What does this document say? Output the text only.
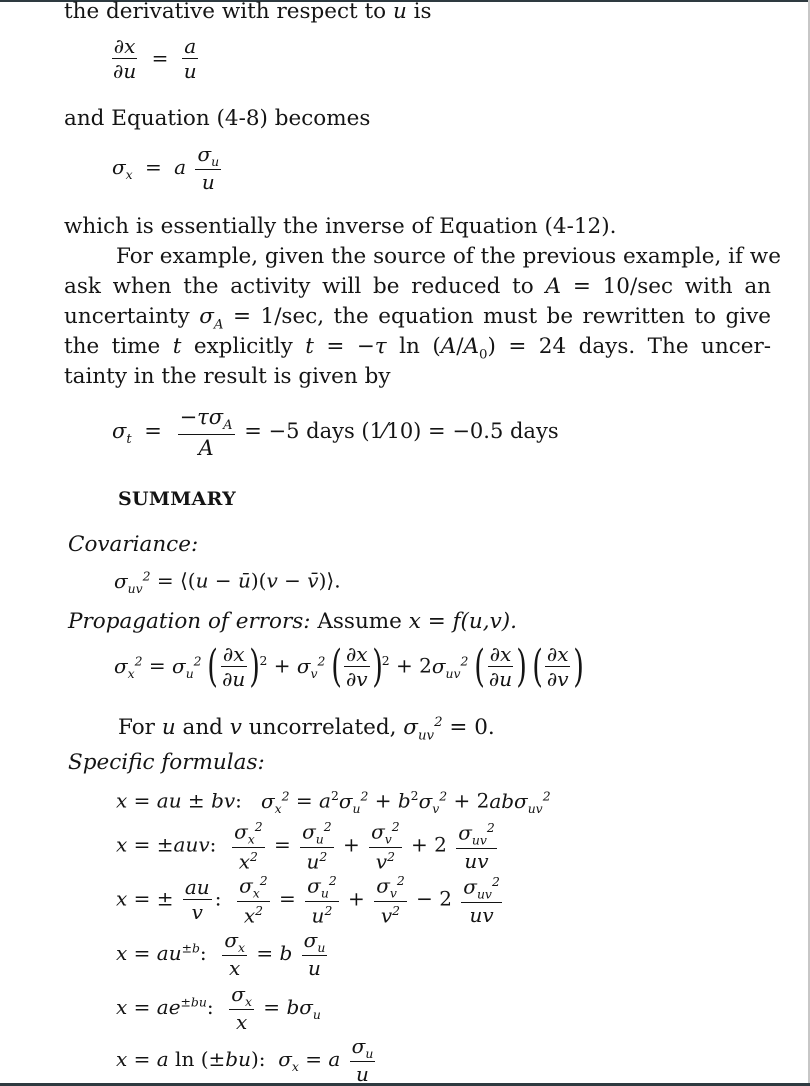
the derivative with respect to u is
$\frac{\partial x}{\partial u} = \frac{a}{u}$
and Equation (4-8) becomes
$\sigma_x = a \frac{\sigma_u}{u}$
which is essentially the inverse of Equation (4-12).
For example, given the source of the previous example, if we
ask when the activity will be reduced to A = 10/sec with an
uncertainty $\sigma_A = 1/\sec$, the equation must be rewritten to give
the time t explicitly t = −τ $\ln (A/A_0) = 24$ days. The uncer-
tainty in the result is given by
$\sigma_t = \frac{-\tau\sigma_A}{A} = -5$ days (1⁄10) = −0.5 days
SUMMARY
Covariance:
$\sigma_{uv}^2$ = ⟨(u − ū)(v − v̄)⟩.
Propagation of errors: Assume x = f(u,v).
$\sigma_x^2 = \sigma_u^2$ ( $\frac{\partial x}{\partial u} )^2 + \sigma_v^2$ ( $\frac{\partial x}{\partial v} )^2 + 2\sigma_{uv}^2$ ( $\frac{\partial x}{\partial u}$ ) ( $\frac{\partial x}{\partial v}$ )
For u and v uncorrelated, $\sigma_{uv}^2 = 0$.
Specific formulas:
x = au ± bv:   $\sigma_x^2 = a^2\sigma_u^2 + b^2\sigma_v^2 + 2ab\sigma_{uv}^2$
x = ±auv: $\frac{\sigma_x^2}{x^2} = \frac{\sigma_u^2}{u^2} + \frac{\sigma_v^2}{v^2} + 2 \frac{\sigma_{uv}^2}{uv}$
x = ± $\frac{au}{v}$ : $\frac{\sigma_x^2}{x^2} = \frac{\sigma_u^2}{u^2} + \frac{\sigma_v^2}{v^2} - 2 \frac{\sigma_{uv}^2}{uv}$
$x = au^{\pm b}$: $\frac{\sigma_x}{x} = b \frac{\sigma_u}{u}$
$x = ae^{\pm bu}$: $\frac{\sigma_x}{x} = b\sigma_u$
x = a ln (±bu):  $\sigma_x = a \frac{\sigma_u}{u}$
